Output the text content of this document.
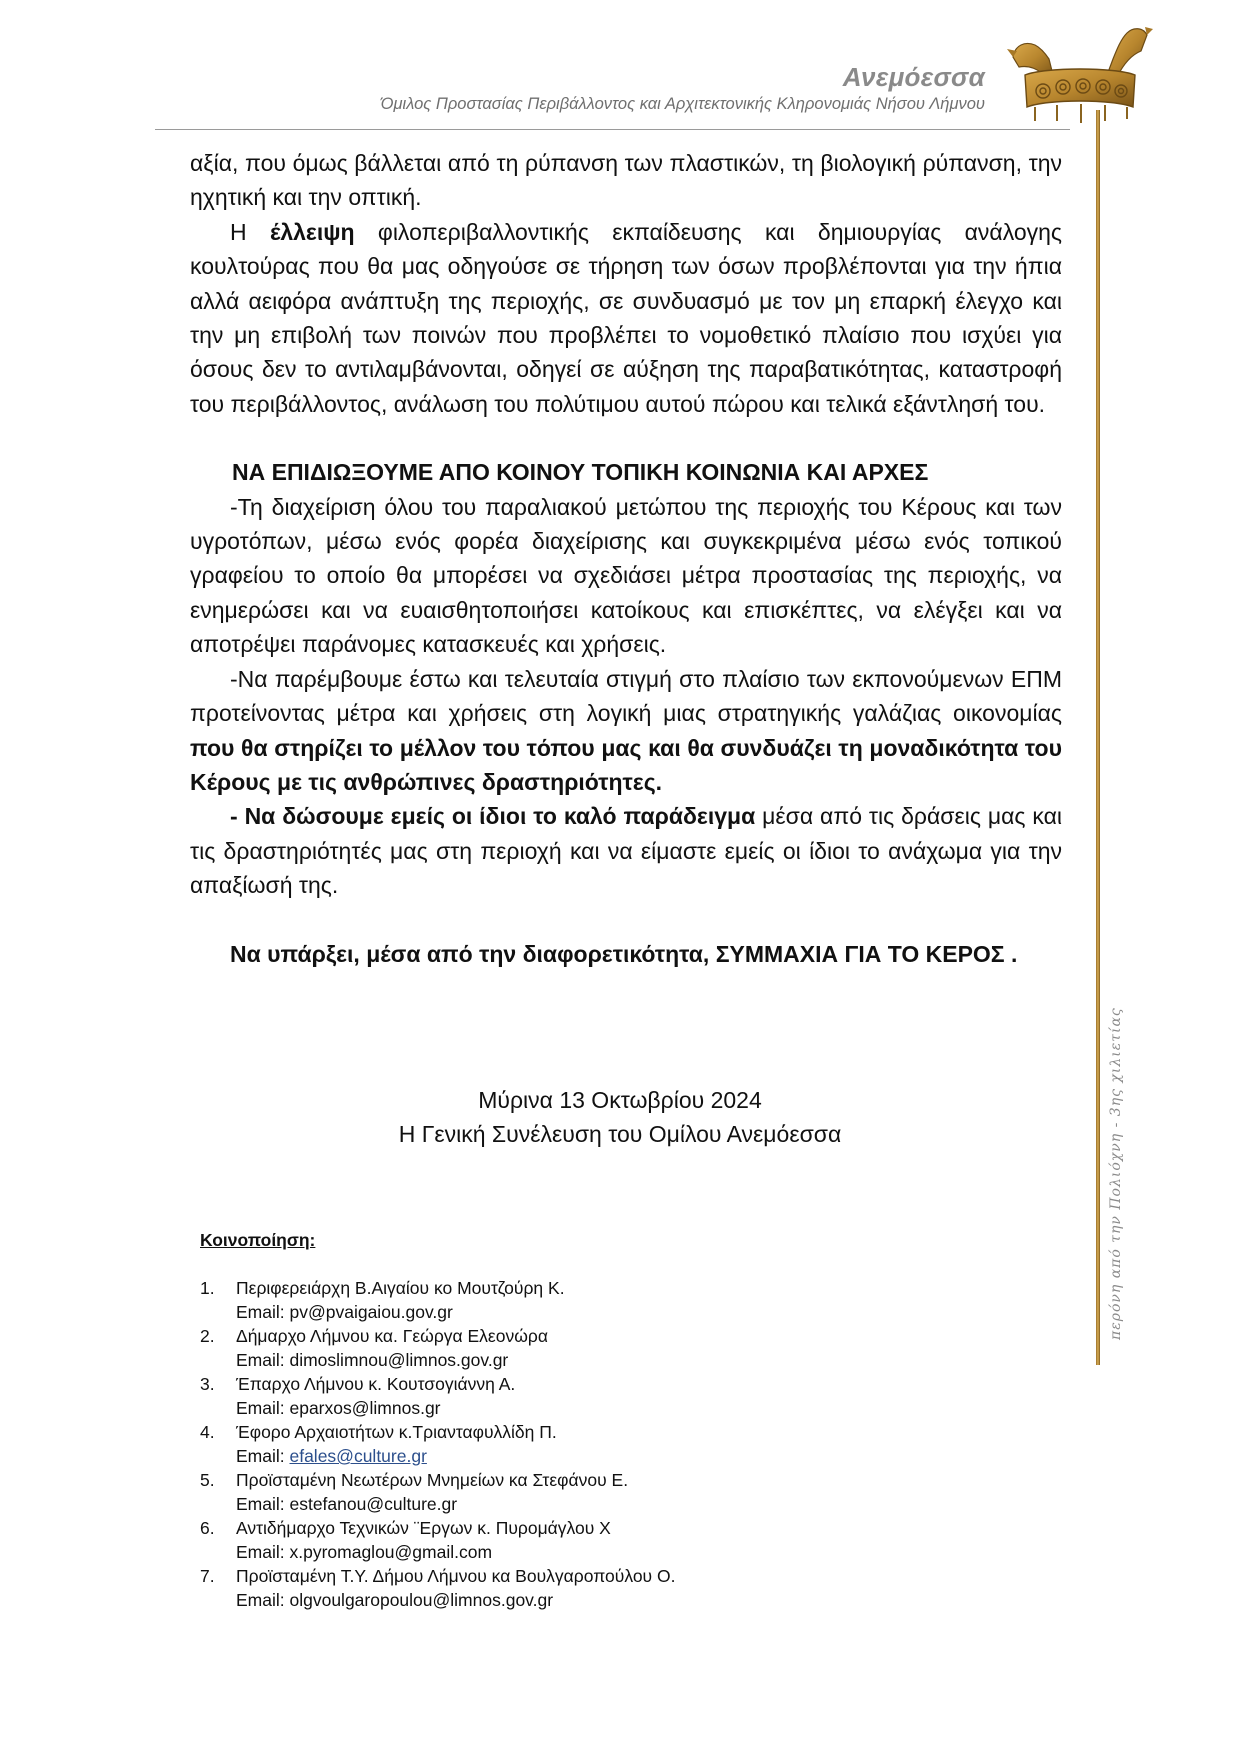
Ανεμόεσσα
Όμιλος Προστασίας Περιβάλλοντος και Αρχιτεκτονικής Κληρονομιάς Νήσου Λήμνου
περόνη από την Πολιόχνη - 3ης χιλιετίας

αξία, που όμως βάλλεται από τη ρύπανση των πλαστικών, τη βιολογική ρύπανση, την ηχητική και την οπτική.

Η έλλειψη φιλοπεριβαλλοντικής εκπαίδευσης και δημιουργίας ανάλογης κουλτούρας που θα μας οδηγούσε σε τήρηση των όσων προβλέπονται για την ήπια αλλά αειφόρα ανάπτυξη της περιοχής, σε συνδυασμό με τον μη επαρκή έλεγχο και την μη επιβολή των ποινών που προβλέπει το νομοθετικό πλαίσιο που ισχύει για όσους δεν το αντιλαμβάνονται, οδηγεί σε αύξηση της παραβατικότητας, καταστροφή του περιβάλλοντος, ανάλωση του πολύτιμου αυτού πώρου και τελικά εξάντλησή του.

ΝΑ ΕΠΙΔΙΩΞΟΥΜΕ ΑΠΟ ΚΟΙΝΟΥ ΤΟΠΙΚΗ ΚΟΙΝΩΝΙΑ ΚΑΙ ΑΡΧΕΣ

-Τη διαχείριση όλου του παραλιακού μετώπου της περιοχής του Κέρους και των υγροτόπων, μέσω ενός φορέα διαχείρισης και συγκεκριμένα μέσω ενός τοπικού γραφείου το οποίο θα μπορέσει να σχεδιάσει μέτρα προστασίας της περιοχής, να ενημερώσει και να ευαισθητοποιήσει κατοίκους και επισκέπτες, να ελέγξει και να αποτρέψει παράνομες κατασκευές και χρήσεις.

-Να παρέμβουμε έστω και τελευταία στιγμή στο πλαίσιο των εκπονούμενων ΕΠΜ προτείνοντας μέτρα και χρήσεις στη λογική μιας στρατηγικής γαλάζιας οικονομίας που θα στηρίζει το μέλλον του τόπου μας και θα συνδυάζει τη μοναδικότητα του Κέρους με τις ανθρώπινες δραστηριότητες.

- Να δώσουμε εμείς οι ίδιοι το καλό παράδειγμα μέσα από τις δράσεις μας και τις δραστηριότητές μας στη περιοχή και να είμαστε εμείς οι ίδιοι το ανάχωμα για την απαξίωσή της.

Να υπάρξει, μέσα από την διαφορετικότητα, ΣΥΜΜΑΧΙΑ ΓΙΑ ΤΟ ΚΕΡΟΣ .

Μύρινα 13 Οκτωβρίου 2024
Η Γενική Συνέλευση του Ομίλου Ανεμόεσσα
Κοινοποίηση:
1.	Περιφερειάρχη Β.Αιγαίου κο Μουτζούρη Κ.
Email: pv@pvaigaiou.gov.gr
2.	Δήμαρχο Λήμνου κα. Γεώργα Ελεονώρα
Email: dimoslimnou@limnos.gov.gr
3.	Έπαρχο Λήμνου κ. Κουτσογιάννη Α.
Email: eparxos@limnos.gr
4.	Έφορο Αρχαιοτήτων κ.Τριανταφυλλίδη Π.
Email: efales@culture.gr
5.	Προϊσταμένη Νεωτέρων Μνημείων κα Στεφάνου Ε.
Email: estefanou@culture.gr
6.	Αντιδήμαρχο Τεχνικών ¨Εργων κ. Πυρομάγλου Χ
Email: x.pyromaglou@gmail.com
7.	Προϊσταμένη Τ.Υ. Δήμου Λήμνου κα Βουλγαροπούλου Ο.
Email: olgvoulgaropoulou@limnos.gov.gr
